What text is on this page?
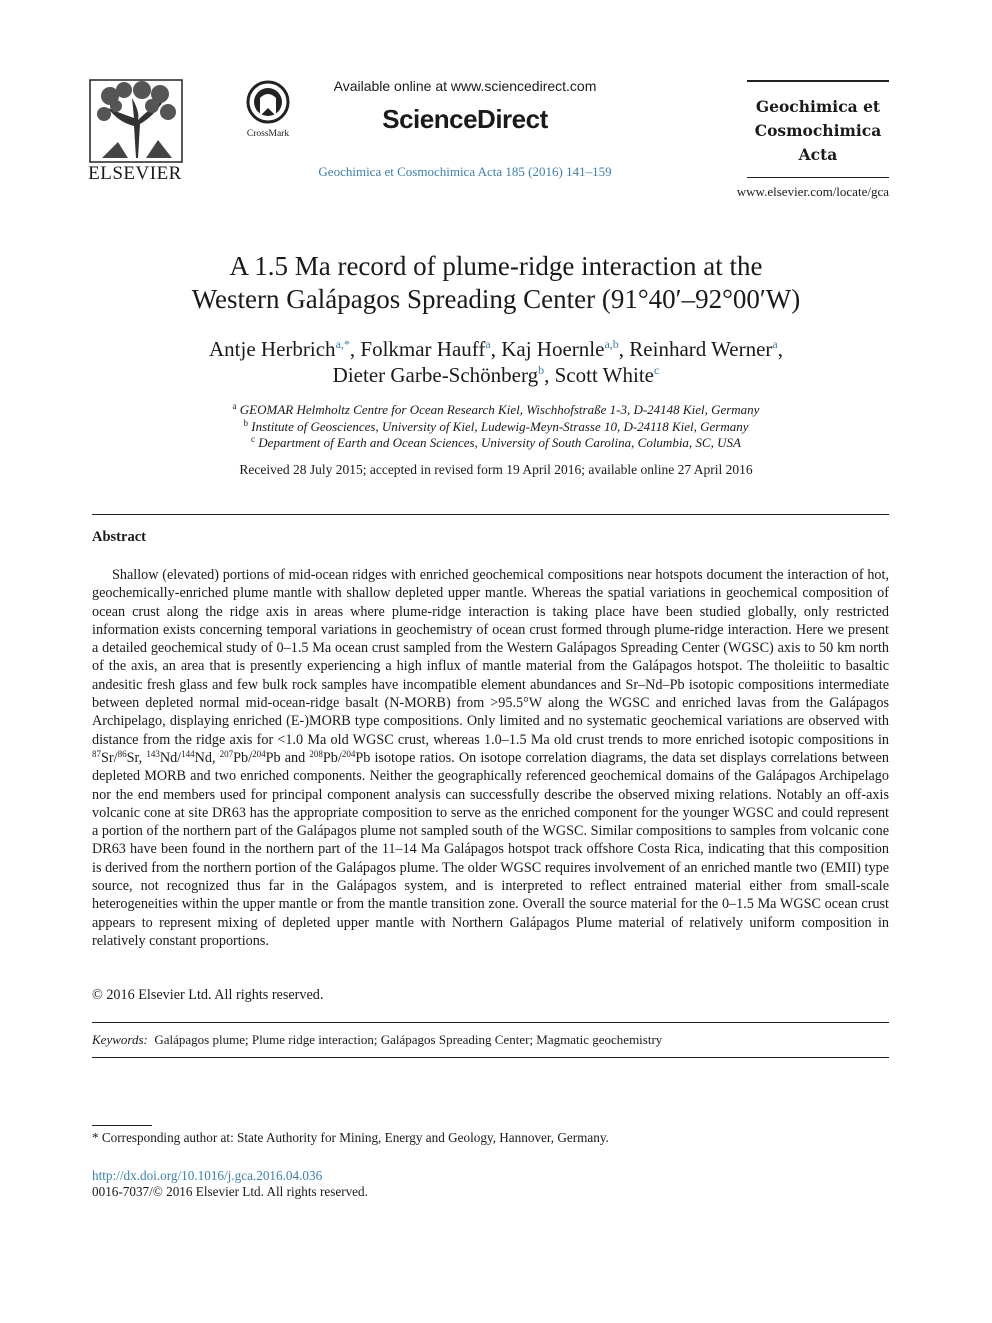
ELSEVIER
CrossMark
Available online at www.sciencedirect.com
ScienceDirect
Geochimica et Cosmochimica Acta 185 (2016) 141–159
Geochimica et
Cosmochimica
Acta
www.elsevier.com/locate/gca
A 1.5 Ma record of plume-ridge interaction at the
Western Galápagos Spreading Center (91°40′–92°00′W)
Antje Herbrich$^{a,*}$, Folkmar Hauff$^a$, Kaj Hoernle$^{a,b}$, Reinhard Werner$^a$,
Dieter Garbe-Schönberg$^b$, Scott White$^c$
$^a$ GEOMAR Helmholtz Centre for Ocean Research Kiel, Wischhofstraße 1-3, D-24148 Kiel, Germany
$^b$ Institute of Geosciences, University of Kiel, Ludewig-Meyn-Strasse 10, D-24118 Kiel, Germany
$^c$ Department of Earth and Ocean Sciences, University of South Carolina, Columbia, SC, USA
Received 28 July 2015; accepted in revised form 19 April 2016; available online 27 April 2016
Abstract
Shallow (elevated) portions of mid-ocean ridges with enriched geochemical compositions near hotspots document the interaction of hot, geochemically-enriched plume mantle with shallow depleted upper mantle. Whereas the spatial variations in geochemical composition of ocean crust along the ridge axis in areas where plume-ridge interaction is taking place have been studied globally, only restricted information exists concerning temporal variations in geochemistry of ocean crust formed through plume-ridge interaction. Here we present a detailed geochemical study of 0–1.5 Ma ocean crust sampled from the Western Galápagos Spreading Center (WGSC) axis to 50 km north of the axis, an area that is presently experiencing a high influx of mantle material from the Galápagos hotspot. The tholeiitic to basaltic andesitic fresh glass and few bulk rock samples have incompatible element abundances and Sr–Nd–Pb isotopic compositions intermediate between depleted normal mid-ocean-ridge basalt (N-MORB) from >95.5°W along the WGSC and enriched lavas from the Galápagos Archipelago, displaying enriched (E-)MORB type compositions. Only limited and no systematic geochemical variations are observed with distance from the ridge axis for <1.0 Ma old WGSC crust, whereas 1.0–1.5 Ma old crust trends to more enriched isotopic compositions in $^{87}$Sr/$^{86}$Sr, $^{143}$Nd/$^{144}$Nd, $^{207}$Pb/$^{204}$Pb and $^{208}$Pb/$^{204}$Pb isotope ratios. On isotope correlation diagrams, the data set displays correlations between depleted MORB and two enriched components. Neither the geographically referenced geochemical domains of the Galápagos Archipelago nor the end members used for principal component analysis can successfully describe the observed mixing relations. Notably an off-axis volcanic cone at site DR63 has the appropriate composition to serve as the enriched component for the younger WGSC and could represent a portion of the northern part of the Galápagos plume not sampled south of the WGSC. Similar compositions to samples from volcanic cone DR63 have been found in the northern part of the 11–14 Ma Galápagos hotspot track offshore Costa Rica, indicating that this composition is derived from the northern portion of the Galápagos plume. The older WGSC requires involvement of an enriched mantle two (EMII) type source, not recognized thus far in the Galápagos system, and is interpreted to reflect entrained material either from small-scale heterogeneities within the upper mantle or from the mantle transition zone. Overall the source material for the 0–1.5 Ma WGSC ocean crust appears to represent mixing of depleted upper mantle with Northern Galápagos Plume material of relatively uniform composition in relatively constant proportions.
© 2016 Elsevier Ltd. All rights reserved.
Keywords: Galápagos plume; Plume ridge interaction; Galápagos Spreading Center; Magmatic geochemistry
* Corresponding author at: State Authority for Mining, Energy and Geology, Hannover, Germany.
http://dx.doi.org/10.1016/j.gca.2016.04.036
0016-7037/© 2016 Elsevier Ltd. All rights reserved.
